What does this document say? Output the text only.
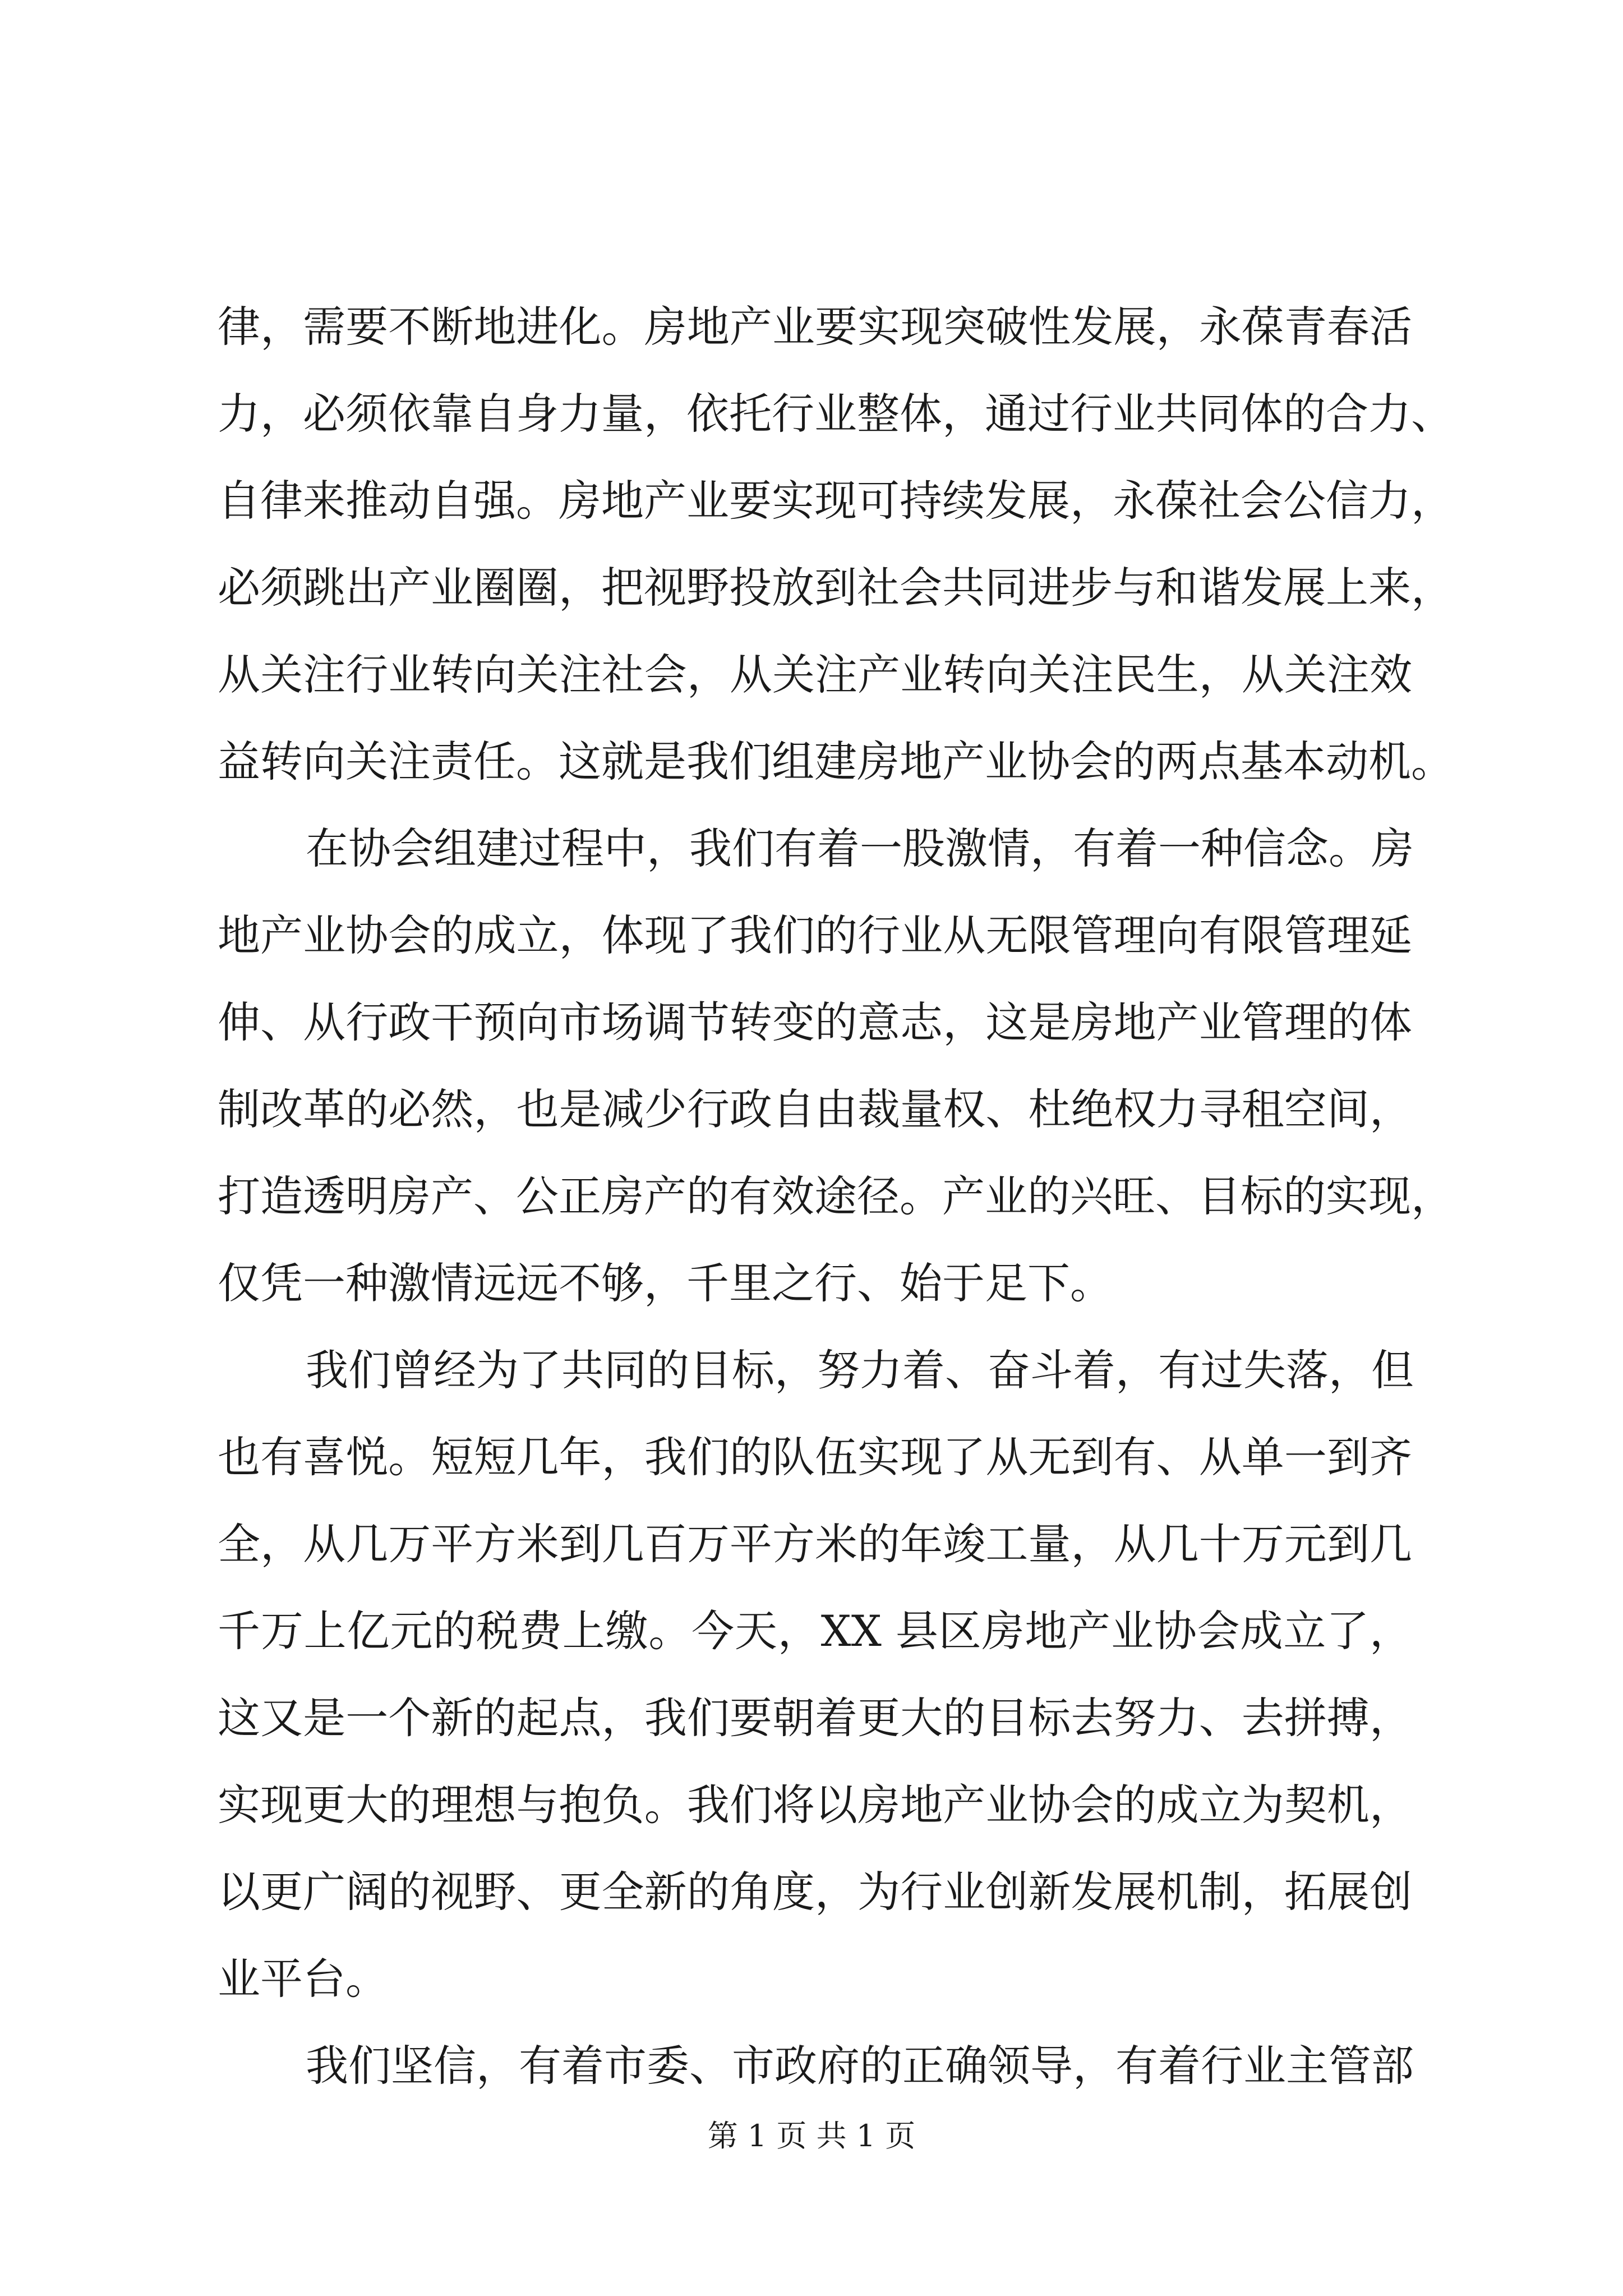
律，需要不断地进化。房地产业要实现突破性发展，永葆青春活
力，必须依靠自身力量，依托行业整体，通过行业共同体的合力、
自律来推动自强。房地产业要实现可持续发展，永葆社会公信力，
必须跳出产业圈圈，把视野投放到社会共同进步与和谐发展上来，
从关注行业转向关注社会，从关注产业转向关注民生，从关注效
益转向关注责任。这就是我们组建房地产业协会的两点基本动机。
在协会组建过程中，我们有着一股激情，有着一种信念。房
地产业协会的成立，体现了我们的行业从无限管理向有限管理延
伸、从行政干预向市场调节转变的意志，这是房地产业管理的体
制改革的必然，也是减少行政自由裁量权、杜绝权力寻租空间，
打造透明房产、公正房产的有效途径。产业的兴旺、目标的实现，
仅凭一种激情远远不够，千里之行、始于足下。
我们曾经为了共同的目标，努力着、奋斗着，有过失落，但
也有喜悦。短短几年，我们的队伍实现了从无到有、从单一到齐
全，从几万平方米到几百万平方米的年竣工量，从几十万元到几
千万上亿元的税费上缴。今天，XX 县区房地产业协会成立了，
这又是一个新的起点，我们要朝着更大的目标去努力、去拼搏，
实现更大的理想与抱负。我们将以房地产业协会的成立为契机，
以更广阔的视野、更全新的角度，为行业创新发展机制，拓展创
业平台。
我们坚信，有着市委、市政府的正确领导，有着行业主管部
第 1 页 共 1 页
